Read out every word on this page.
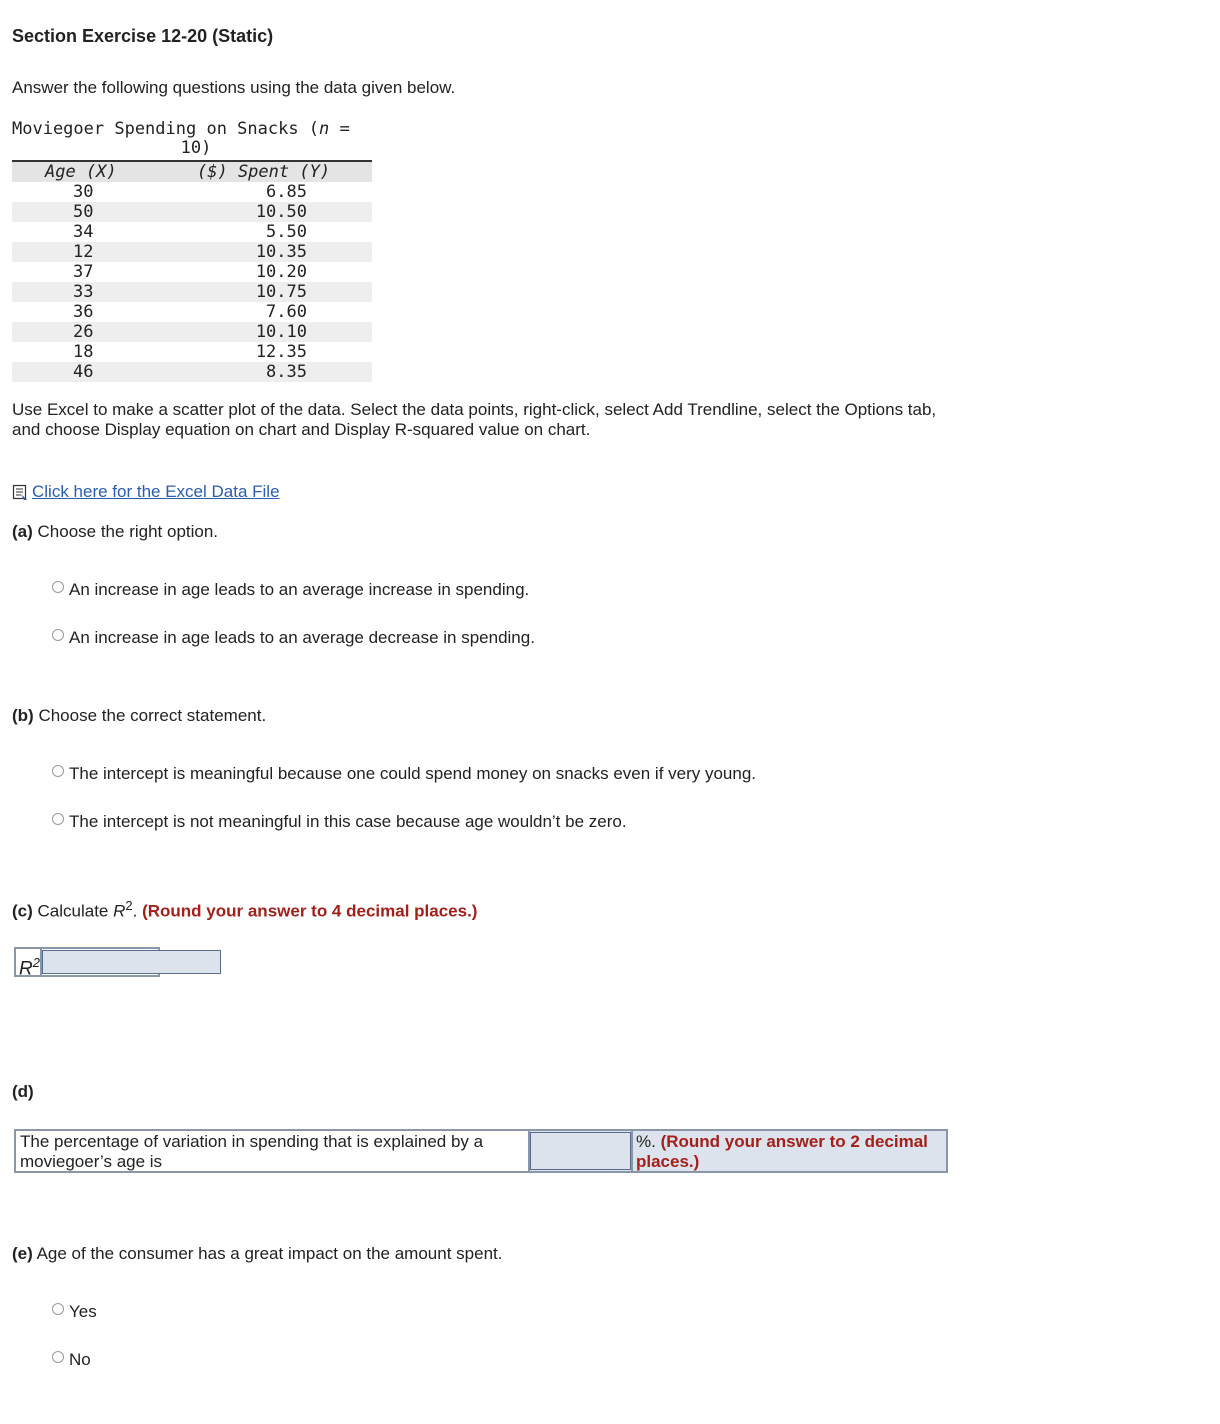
Section Exercise 12-20 (Static)
Answer the following questions using the data given below.
Moviegoer Spending on Snacks (n =
10)
Age (X)	($) Spent (Y)
30	6.85
50	10.50
34	5.50
12	10.35
37	10.20
33	10.75
36	7.60
26	10.10
18	12.35
46	8.35
Use Excel to make a scatter plot of the data. Select the data points, right-click, select Add Trendline, select the Options tab, and choose Display equation on chart and Display R-squared value on chart.
Click here for the Excel Data File
(a) Choose the right option.
An increase in age leads to an average increase in spending.
An increase in age leads to an average decrease in spending.
(b) Choose the correct statement.
The intercept is meaningful because one could spend money on snacks even if very young.
The intercept is not meaningful in this case because age wouldn’t be zero.
(c) Calculate $R^2$. (Round your answer to 4 decimal places.)
$R^2$
(d)
The percentage of variation in spending that is explained by a moviegoer’s age is
%. (Round your answer to 2 decimal places.)
(e) Age of the consumer has a great impact on the amount spent.
Yes
No
